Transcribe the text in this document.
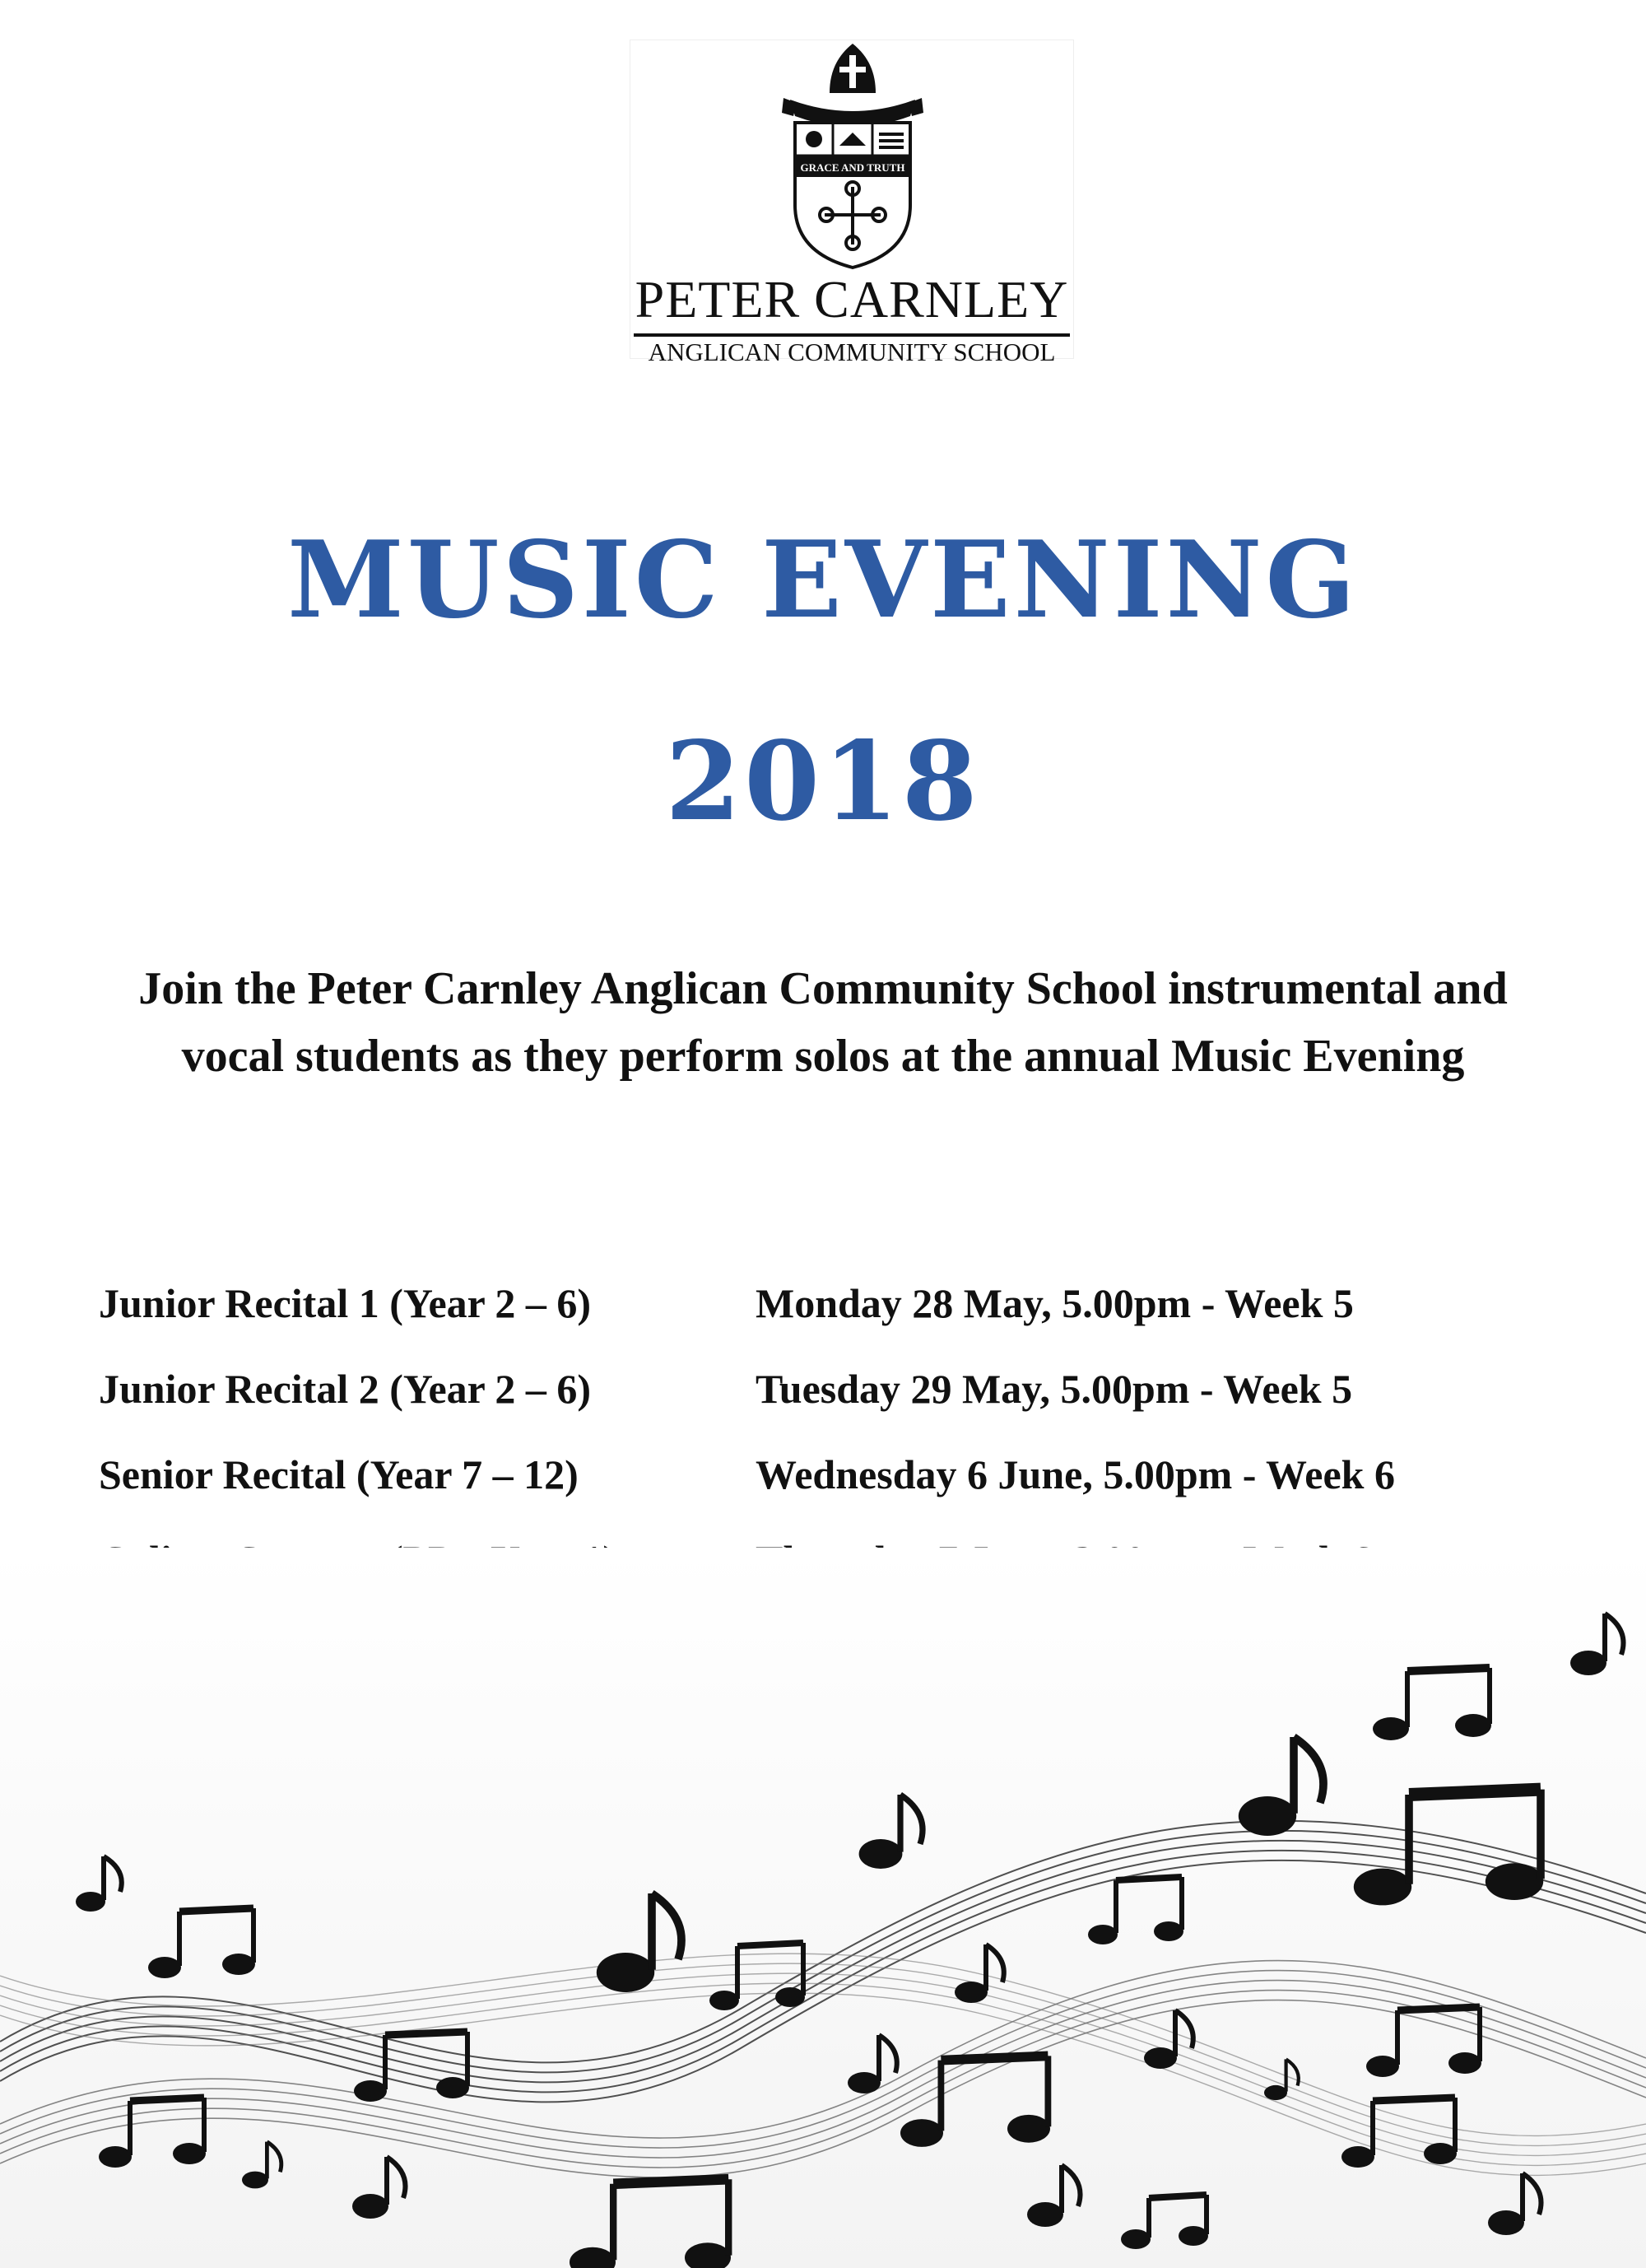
GRACE AND TRUTH
PETER CARNLEY
ANGLICAN COMMUNITY SCHOOL
MUSIC EVENING
2018
Join the Peter Carnley Anglican Community School instrumental and vocal students as they perform solos at the annual Music Evening
Junior Recital 1 (Year 2 – 6)	Monday 28 May, 5.00pm - Week 5
Junior Recital 2 (Year 2 – 6)	Tuesday 29 May, 5.00pm - Week 5
Senior Recital (Year 7 – 12)	Wednesday 6 June, 5.00pm - Week 6
